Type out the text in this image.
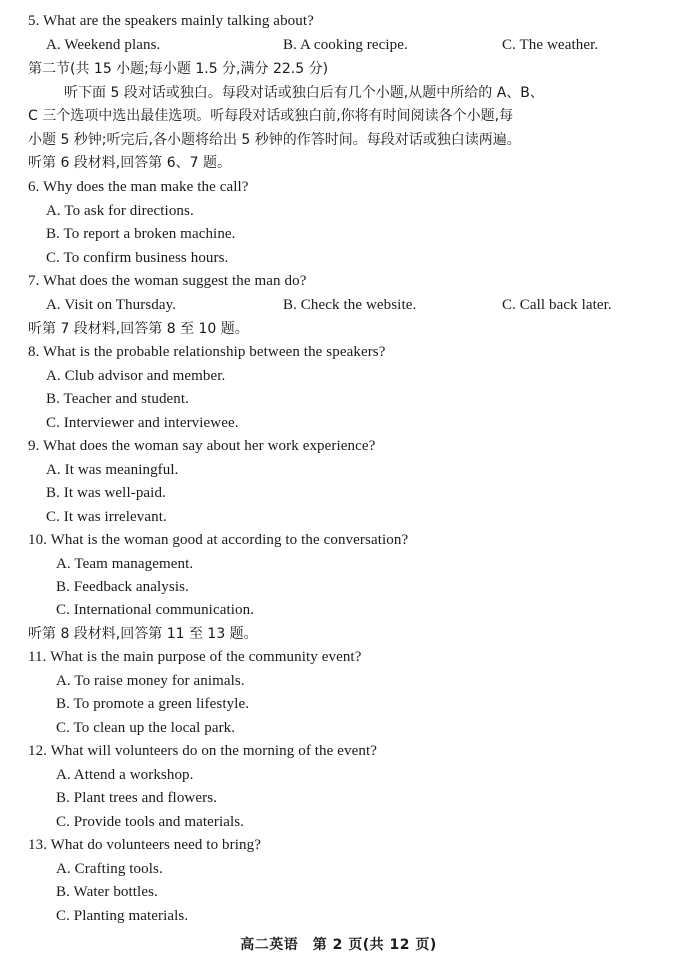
5. What are the speakers mainly talking about?
A. Weekend plans.	B. A cooking recipe.	C. The weather.
第二节(共 15 小题;每小题 1.5 分,满分 22.5 分)
听下面 5 段对话或独白。每段对话或独白后有几个小题,从题中所给的 A、B、
C 三个选项中选出最佳选项。听每段对话或独白前,你将有时间阅读各个小题,每
小题 5 秒钟;听完后,各小题将给出 5 秒钟的作答时间。每段对话或独白读两遍。
听第 6 段材料,回答第 6、7 题。
6. Why does the man make the call?
A. To ask for directions.
B. To report a broken machine.
C. To confirm business hours.
7. What does the woman suggest the man do?
A. Visit on Thursday.	B. Check the website.	C. Call back later.
听第 7 段材料,回答第 8 至 10 题。
8. What is the probable relationship between the speakers?
A. Club advisor and member.
B. Teacher and student.
C. Interviewer and interviewee.
9. What does the woman say about her work experience?
A. It was meaningful.
B. It was well-paid.
C. It was irrelevant.
10. What is the woman good at according to the conversation?
A. Team management.
B. Feedback analysis.
C. International communication.
听第 8 段材料,回答第 11 至 13 题。
11. What is the main purpose of the community event?
A. To raise money for animals.
B. To promote a green lifestyle.
C. To clean up the local park.
12. What will volunteers do on the morning of the event?
A. Attend a workshop.
B. Plant trees and flowers.
C. Provide tools and materials.
13. What do volunteers need to bring?
A. Crafting tools.
B. Water bottles.
C. Planting materials.
高二英语　第 2 页(共 12 页)
